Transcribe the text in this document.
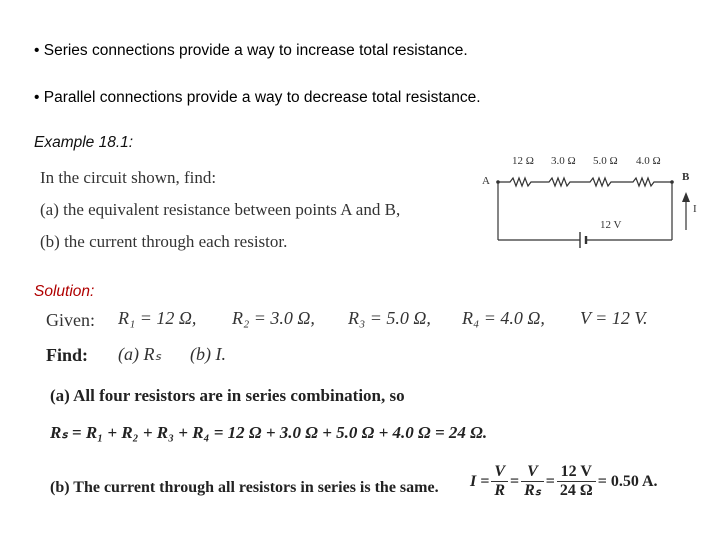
• Series connections provide a way to increase total resistance.
• Parallel connections provide a way to decrease total resistance.
Example 18.1:
In the circuit shown, find:
(a) the equivalent resistance between points A and B,
(b) the current through each resistor.
12 Ω 3.0 Ω 5.0 Ω 4.0 Ω
A	B
12 V
I
Solution:
Given: R₁ = 12 Ω, R₂ = 3.0 Ω, R₃ = 5.0 Ω, R₄ = 4.0 Ω, V = 12 V.
Find: (a) Rₛ (b) I.
(a) All four resistors are in series combination, so
Rₛ = R₁ + R₂ + R₃ + R₄ = 12 Ω + 3.0 Ω + 5.0 Ω + 4.0 Ω = 24 Ω.
(b) The current through all resistors in series is the same. $I = \frac{V}{R} = \frac{V}{\text{Rₛ}} = \frac{12 V}{24 \Omega} = 0.50$ A.
